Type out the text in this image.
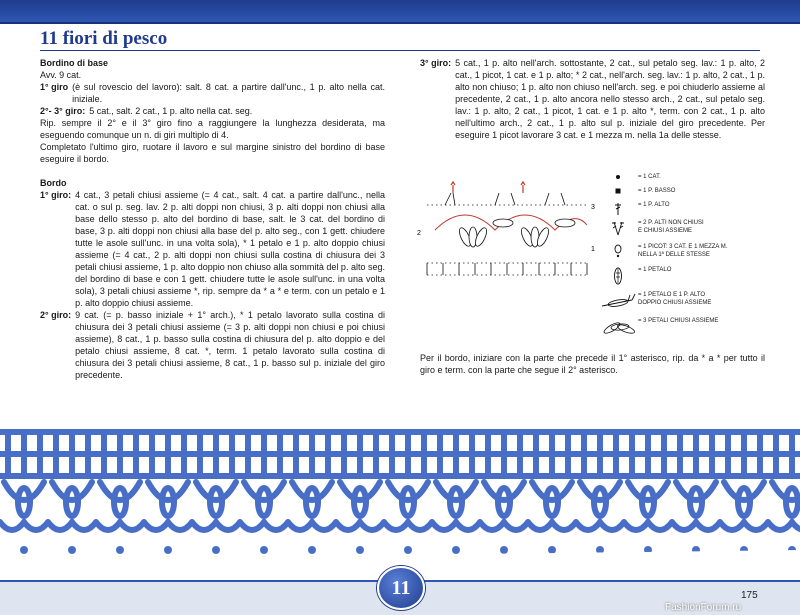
11 fiori di pesco

Bordino di base

Avv. 9 cat.

1° giro (è sul rovescio del lavoro): salt. 8 cat. a partire dall'unc., 1 p. alto nella cat. iniziale.
2°- 3° giro: 5 cat., salt. 2 cat., 1 p. alto nella cat. seg.

Rip. sempre il 2° e il 3° giro fino a raggiungere la lunghezza desiderata, ma eseguendo comunque un n. di giri multiplo di 4.

Completato l'ultimo giro, ruotare il lavoro e sul margine sinistro del bordino di base eseguire il bordo.

Bordo

1° giro: 4 cat., 3 petali chiusi assieme (= 4 cat., salt. 4 cat. a partire dall'unc., nella cat. o sul p. seg. lav. 2 p. alti doppi non chiusi, 3 p. alti doppi non chiusi alla base dello stesso p. alto del bordino di base, salt. le 3 cat. del bordino di base, 3 p. alti doppi non chiusi alla base del p. alto seg., con 1 gett. chiudere tutte le asole sull'unc. in una volta sola), * 1 petalo e 1 p. alto doppio chiusi assieme (= 4 cat., 2 p. alti doppi non chiusi sulla costina di chiusura dei 3 petali chiusi assieme, 1 p. alto doppio non chiuso alla sommità del p. alto seg. del bordino di base e con 1 gett. chiudere tutte le asole sull'unc. in una volta sola), 3 petali chiusi assieme *, rip. sempre da * a * e term. con un petalo e 1 p. alto doppio chiusi assieme.
2° giro: 9 cat. (= p. basso iniziale + 1° arch.), * 1 petalo lavorato sulla costina di chiusura dei 3 petali chiusi assieme (= 3 p. alti doppi non chiusi e poi chiusi assieme), 8 cat., 1 p. basso sulla costina di chiusura del p. alto doppio e del petalo chiusi assieme, 8 cat. *, term. 1 petalo lavorato sulla costina di chiusura dei 3 petali chiusi assieme, 8 cat., 1 p. basso sul p. iniziale del giro precedente.
3° giro: 5 cat., 1 p. alto nell'arch. sottostante, 2 cat., sul petalo seg. lav.: 1 p. alto, 2 cat., 1 picot, 1 cat. e 1 p. alto; * 2 cat., nell'arch. seg. lav.: 1 p. alto, 2 cat., 1 p. alto non chiuso; 1 p. alto non chiuso nell'arch. seg. e poi chiuderlo assieme al precedente, 2 cat., 1 p. alto ancora nello stesso arch., 2 cat., sul petalo seg. lav.: 1 p. alto, 2 cat., 1 picot, 1 cat. e 1 p. alto *, term. con 2 cat., 1 p. alto nell'ultimo arch., 2 cat., 1 p. alto sul p. iniziale del giro precedente. Per eseguire 1 picot lavorare 3 cat. e 1 mezza m. nella 1a delle stesse.
3
2
1
= 1 CAT.
= 1 P. BASSO
= 1 P. ALTO
= 2 P. ALTI NON CHIUSI
E CHIUSI ASSIEME
= 1 PICOT: 3 CAT. E 1 MEZZA M.
NELLA 1ª DELLE STESSE
= 1 PETALO
= 1 PETALO E 1 P. ALTO
DOPPIO CHIUSI ASSIEME
= 3 PETALI CHIUSI ASSIEME

Per il bordo, iniziare con la parte che precede il 1° asterisco, rip. da * a * per tutto il giro e term. con la parte che segue il 2° asterisco.

11	175
FashionForum.ru
